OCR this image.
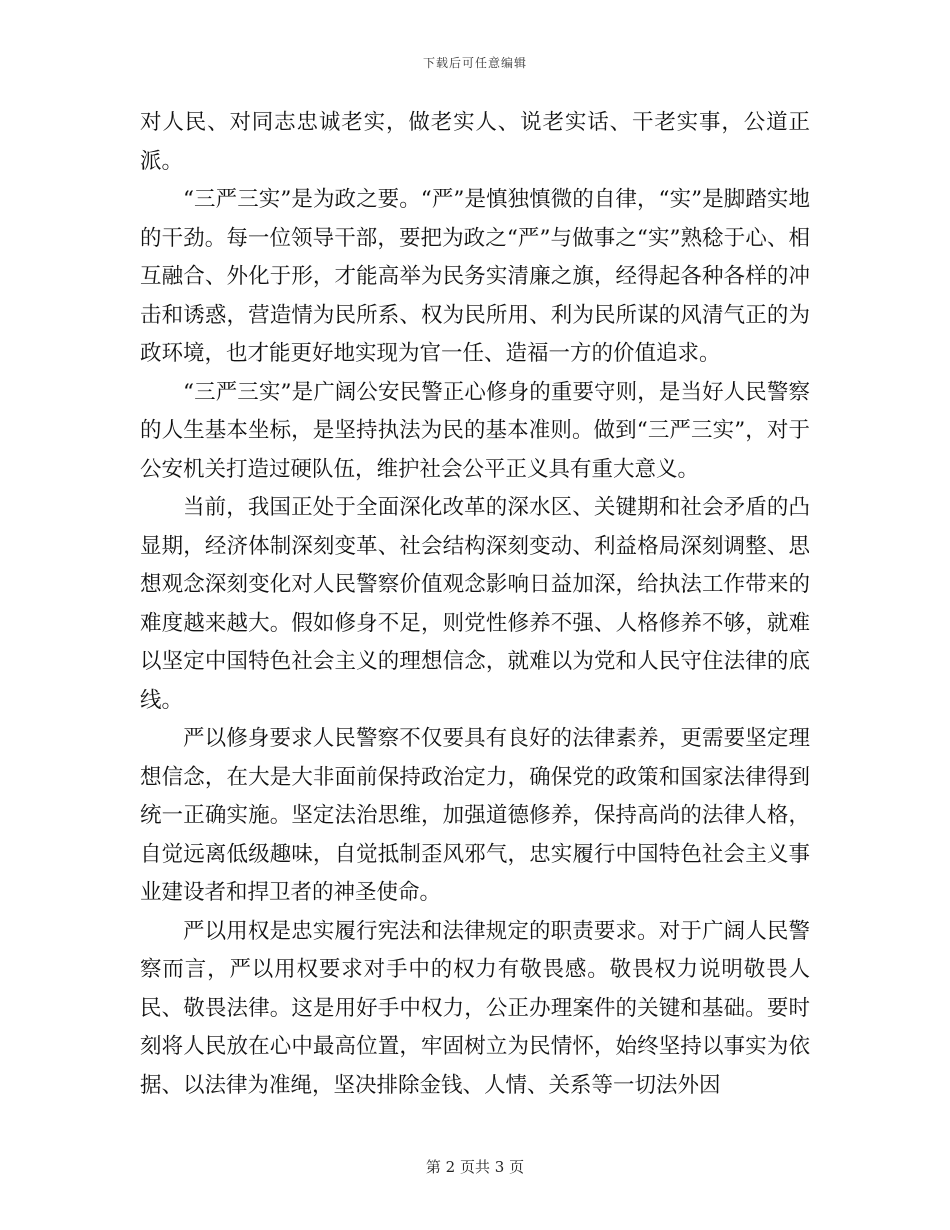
下载后可任意编辑

对人民、对同志忠诚老实，做老实人、说老实话、干老实事，公道正派。

“三严三实”是为政之要。“严”是慎独慎微的自律，“实”是脚踏实地的干劲。每一位领导干部，要把为政之“严”与做事之“实”熟稔于心、相互融合、外化于形，才能高举为民务实清廉之旗，经得起各种各样的冲击和诱惑，营造情为民所系、权为民所用、利为民所谋的风清气正的为政环境，也才能更好地实现为官一任、造福一方的价值追求。

“三严三实”是广阔公安民警正心修身的重要守则，是当好人民警察的人生基本坐标，是坚持执法为民的基本准则。做到“三严三实”，对于公安机关打造过硬队伍，维护社会公平正义具有重大意义。

当前，我国正处于全面深化改革的深水区、关键期和社会矛盾的凸显期，经济体制深刻变革、社会结构深刻变动、利益格局深刻调整、思想观念深刻变化对人民警察价值观念影响日益加深，给执法工作带来的难度越来越大。假如修身不足，则党性修养不强、人格修养不够，就难以坚定中国特色社会主义的理想信念，就难以为党和人民守住法律的底线。

严以修身要求人民警察不仅要具有良好的法律素养，更需要坚定理想信念，在大是大非面前保持政治定力，确保党的政策和国家法律得到统一正确实施。坚定法治思维，加强道德修养，保持高尚的法律人格，自觉远离低级趣味，自觉抵制歪风邪气，忠实履行中国特色社会主义事业建设者和捍卫者的神圣使命。

严以用权是忠实履行宪法和法律规定的职责要求。对于广阔人民警察而言，严以用权要求对手中的权力有敬畏感。敬畏权力说明敬畏人民、敬畏法律。这是用好手中权力，公正办理案件的关键和基础。要时刻将人民放在心中最高位置，牢固树立为民情怀，始终坚持以事实为依据、以法律为准绳，坚决排除金钱、人情、关系等一切法外因

第 2 页共 3 页
